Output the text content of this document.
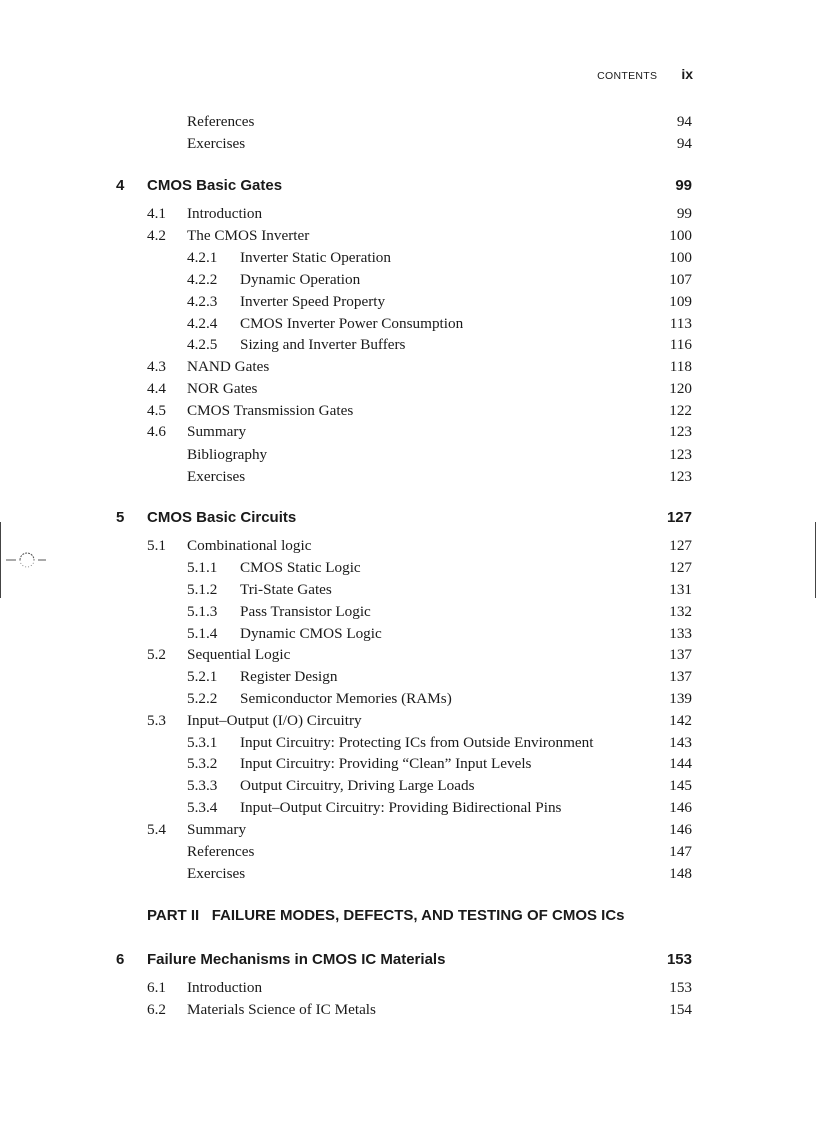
CONTENTS ix
References	94
Exercises	94
4 CMOS Basic Gates	99
4.1 Introduction	99
4.2 The CMOS Inverter	100
4.2.1 Inverter Static Operation	100
4.2.2 Dynamic Operation	107
4.2.3 Inverter Speed Property	109
4.2.4 CMOS Inverter Power Consumption	113
4.2.5 Sizing and Inverter Buffers	116
4.3 NAND Gates	118
4.4 NOR Gates	120
4.5 CMOS Transmission Gates	122
4.6 Summary	123
Bibliography	123
Exercises	123
5 CMOS Basic Circuits	127
5.1 Combinational logic	127
5.1.1 CMOS Static Logic	127
5.1.2 Tri-State Gates	131
5.1.3 Pass Transistor Logic	132
5.1.4 Dynamic CMOS Logic	133
5.2 Sequential Logic	137
5.2.1 Register Design	137
5.2.2 Semiconductor Memories (RAMs)	139
5.3 Input–Output (I/O) Circuitry	142
5.3.1 Input Circuitry: Protecting ICs from Outside Environment	143
5.3.2 Input Circuitry: Providing “Clean” Input Levels	144
5.3.3 Output Circuitry, Driving Large Loads	145
5.3.4 Input–Output Circuitry: Providing Bidirectional Pins	146
5.4 Summary	146
References	147
Exercises	148
PART II   FAILURE MODES, DEFECTS, AND TESTING OF CMOS ICs
6 Failure Mechanisms in CMOS IC Materials	153
6.1 Introduction	153
6.2 Materials Science of IC Metals	154
